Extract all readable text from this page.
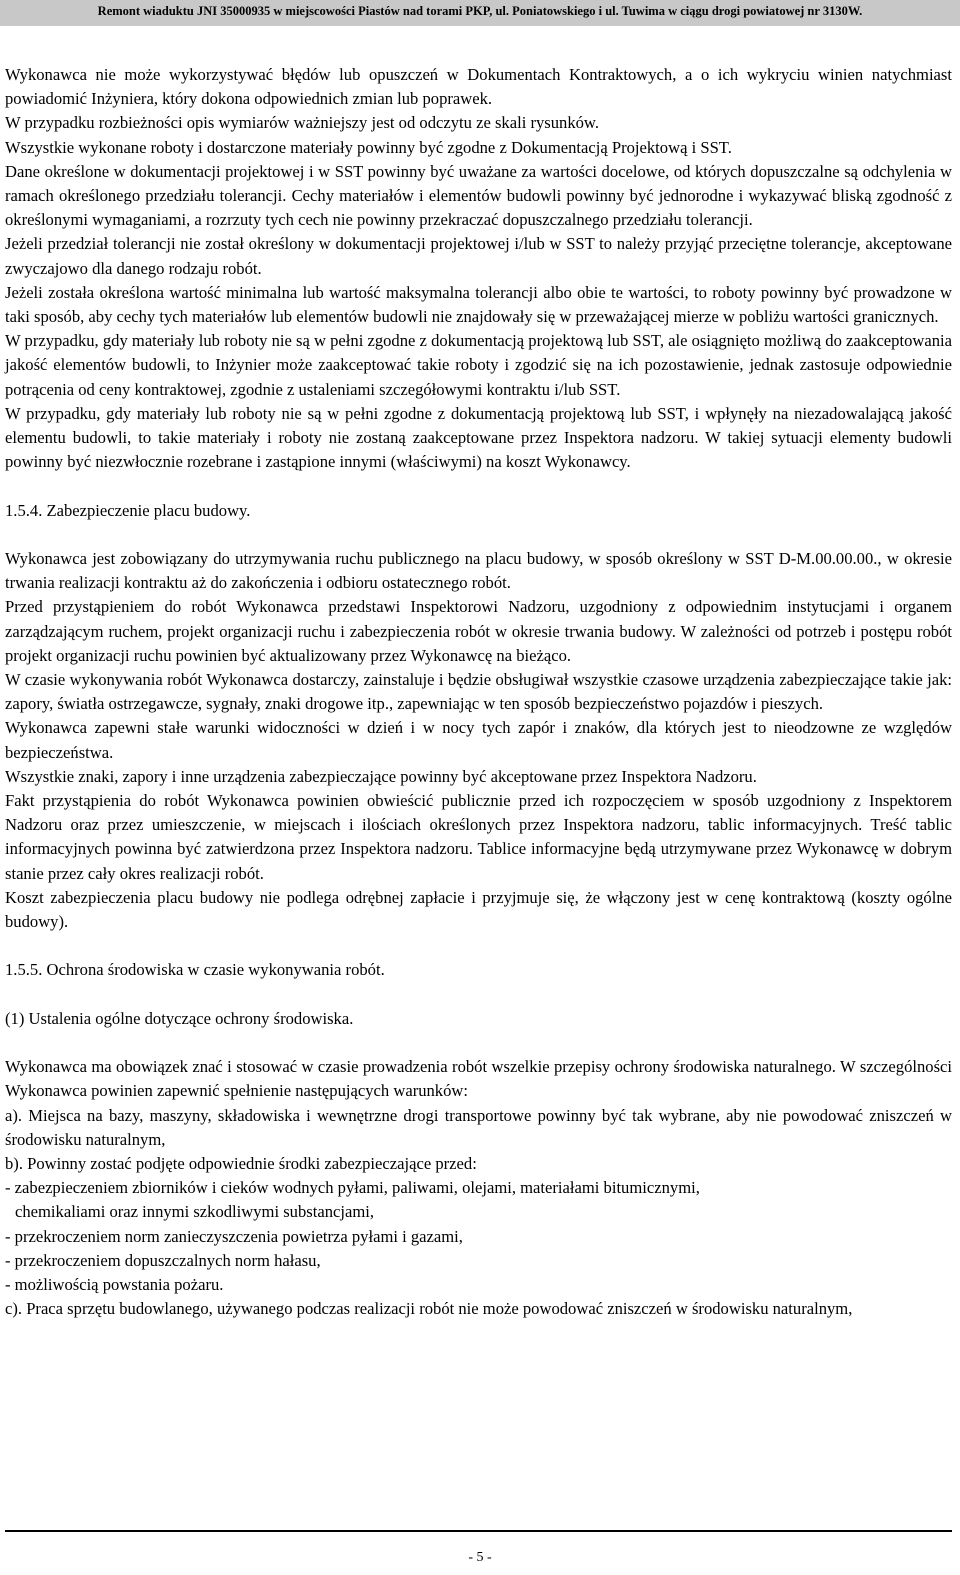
Remont wiaduktu JNI 35000935 w miejscowości Piastów nad torami PKP, ul. Poniatowskiego i ul. Tuwima w ciągu drogi powiatowej nr 3130W.

Wykonawca nie może wykorzystywać błędów lub opuszczeń w Dokumentach Kontraktowych, a o ich wykryciu winien natychmiast powiadomić Inżyniera, który dokona odpowiednich zmian lub poprawek.

W przypadku rozbieżności opis wymiarów ważniejszy jest od odczytu ze skali rysunków.

Wszystkie wykonane roboty i dostarczone materiały powinny być zgodne z Dokumentacją Projektową i SST.

Dane określone w dokumentacji projektowej i w SST powinny być uważane za wartości docelowe, od których dopuszczalne są odchylenia w ramach określonego przedziału tolerancji. Cechy materiałów i elementów budowli powinny być jednorodne i wykazywać bliską zgodność z określonymi wymaganiami, a rozrzuty tych cech nie powinny przekraczać dopuszczalnego przedziału tolerancji.

Jeżeli przedział tolerancji nie został określony w dokumentacji projektowej i/lub w SST to należy przyjąć przeciętne tolerancje, akceptowane zwyczajowo dla danego rodzaju robót.

Jeżeli została określona wartość minimalna lub wartość maksymalna tolerancji albo obie te wartości, to roboty powinny być prowadzone w taki sposób, aby cechy tych materiałów lub elementów budowli nie znajdowały się w przeważającej mierze w pobliżu wartości granicznych.

W przypadku, gdy materiały lub roboty nie są w pełni zgodne z dokumentacją projektową lub SST, ale osiągnięto możliwą do zaakceptowania jakość elementów budowli, to Inżynier może zaakceptować takie roboty i zgodzić się na ich pozostawienie, jednak zastosuje odpowiednie potrącenia od ceny kontraktowej, zgodnie z ustaleniami szczegółowymi kontraktu i/lub SST.

W przypadku, gdy materiały lub roboty nie są w pełni zgodne z dokumentacją projektową lub SST, i wpłynęły na niezadowalającą jakość elementu budowli, to takie materiały i roboty nie zostaną zaakceptowane przez Inspektora nadzoru. W takiej sytuacji elementy budowli powinny być niezwłocznie rozebrane i zastąpione innymi (właściwymi) na koszt Wykonawcy.

1.5.4. Zabezpieczenie placu budowy.

Wykonawca jest zobowiązany do utrzymywania ruchu publicznego na placu budowy, w sposób określony w SST D-M.00.00.00., w okresie trwania realizacji kontraktu aż do zakończenia i odbioru ostatecznego robót.

Przed przystąpieniem do robót Wykonawca przedstawi Inspektorowi Nadzoru, uzgodniony z odpowiednim instytucjami i organem zarządzającym ruchem, projekt organizacji ruchu i zabezpieczenia robót w okresie trwania budowy. W zależności od potrzeb i postępu robót projekt organizacji ruchu powinien być aktualizowany przez Wykonawcę na bieżąco.

W czasie wykonywania robót Wykonawca dostarczy, zainstaluje i będzie obsługiwał wszystkie czasowe urządzenia zabezpieczające takie jak: zapory, światła ostrzegawcze, sygnały, znaki drogowe itp., zapewniając w ten sposób bezpieczeństwo pojazdów i pieszych.

Wykonawca zapewni stałe warunki widoczności w dzień i w nocy tych zapór i znaków, dla których jest to nieodzowne ze względów bezpieczeństwa.

Wszystkie znaki, zapory i inne urządzenia zabezpieczające powinny być akceptowane przez Inspektora Nadzoru.

Fakt przystąpienia do robót Wykonawca powinien obwieścić publicznie przed ich rozpoczęciem w sposób uzgodniony z Inspektorem Nadzoru oraz przez umieszczenie, w miejscach i ilościach określonych przez Inspektora nadzoru, tablic informacyjnych. Treść tablic informacyjnych powinna być zatwierdzona przez Inspektora nadzoru. Tablice informacyjne będą utrzymywane przez Wykonawcę w dobrym stanie przez cały okres realizacji robót.

Koszt zabezpieczenia placu budowy nie podlega odrębnej zapłacie i przyjmuje się, że włączony jest w cenę kontraktową (koszty ogólne budowy).

1.5.5. Ochrona środowiska w czasie wykonywania robót.

(1) Ustalenia ogólne dotyczące ochrony środowiska.

Wykonawca ma obowiązek znać i stosować w czasie prowadzenia robót wszelkie przepisy ochrony środowiska naturalnego. W szczególności Wykonawca powinien zapewnić spełnienie następujących warunków:

a). Miejsca na bazy, maszyny, składowiska i wewnętrzne drogi transportowe powinny być tak wybrane, aby nie powodować zniszczeń w środowisku naturalnym,

b). Powinny zostać podjęte odpowiednie środki zabezpieczające przed:

- zabezpieczeniem zbiorników i cieków wodnych pyłami, paliwami, olejami, materiałami bitumicznymi,

chemikaliami oraz innymi szkodliwymi substancjami,

- przekroczeniem norm zanieczyszczenia powietrza pyłami i gazami,

- przekroczeniem dopuszczalnych norm hałasu,

- możliwością powstania pożaru.

c). Praca sprzętu budowlanego, używanego podczas realizacji robót nie może powodować zniszczeń w środowisku naturalnym,

- 5 -
